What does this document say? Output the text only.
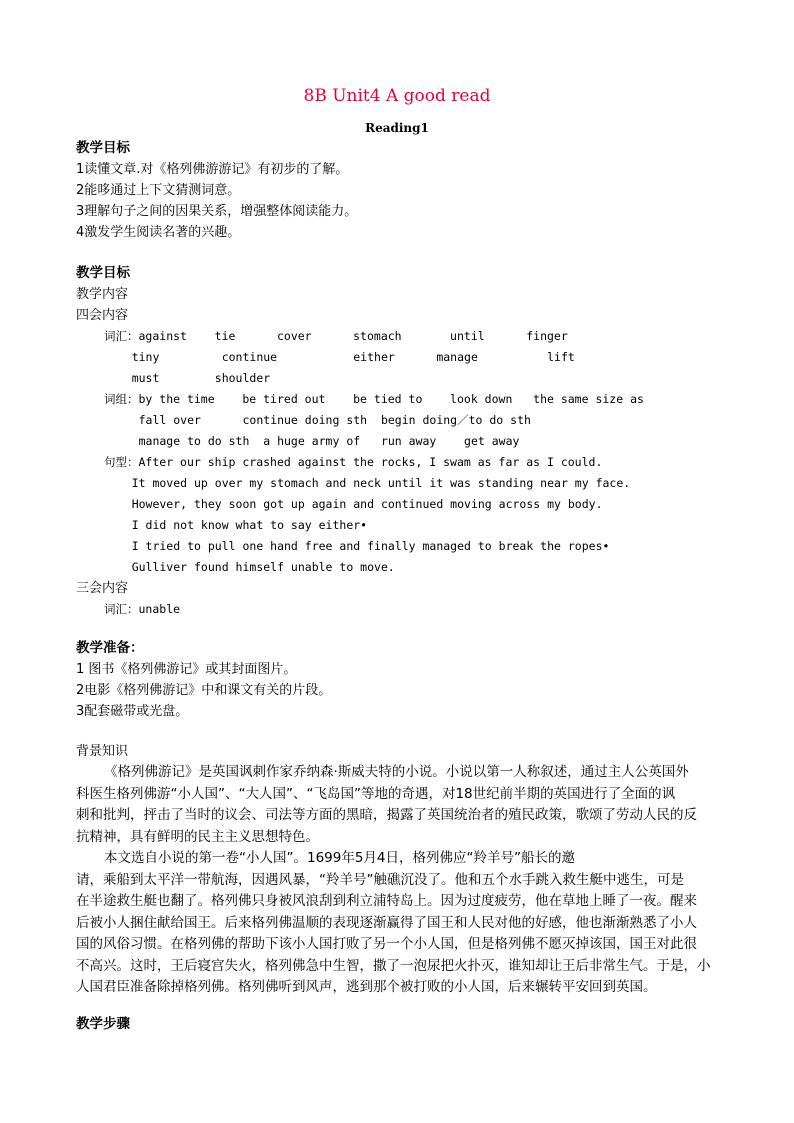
8B Unit4 A good read
Reading1

教学目标

1读懂文章.对《格列佛游游记》有初步的了解。

2能哆通过上下文猜测词意。

3理解句子之间的因果关系，增强整体阅读能力。

4激发学生阅读名著的兴趣。

教学目标

教学内容

四会内容

词汇：against    tie      cover      stomach       until      finger

tiny         continue           either      manage          lift

must        shoulder

词组：by the time    be tired out    be tied to    look down   the same size as

fall over      continue doing sth  begin doing／to do sth

manage to do sth  a huge army of   run away    get away

句型：After our ship crashed against the rocks, I swam as far as I could.

It moved up over my stomach and neck until it was standing near my face.

However, they soon got up again and continued moving across my body.

I did not know what to say either•

I tried to pull one hand free and finally managed to break the ropes•

Gulliver found himself unable to move.

三会内容

词汇：unable

教学准备：

1 图书《格列佛游记》或其封面图片。

2电影《格列佛游记》中和课文有关的片段。

3配套磁带或光盘。

背景知识

《格列佛游记》是英国讽刺作家乔纳森·斯威夫特的小说。小说以第一人称叙述，通过主人公英国外

科医生格列佛游“小人国”、“大人国”、“飞岛国”等地的奇遇，对18世纪前半期的英国进行了全面的讽

刺和批判，抨击了当时的议会、司法等方面的黑暗，揭露了英国统治者的殖民政策，歌颂了劳动人民的反

抗精神，具有鲜明的民主主义思想特色。

本文选自小说的第一卷“小人国”。1699年5月4日，格列佛应“羚羊号”船长的邀

请，乘船到太平洋一带航海，因遇风暴，“羚羊号”触礁沉没了。他和五个水手跳入救生艇中逃生，可是

在半途救生艇也翻了。格列佛只身被风浪刮到利立浦特岛上。因为过度疲劳，他在草地上睡了一夜。醒来

后被小人捆住献给国王。后来格列佛温顺的表现逐渐赢得了国王和人民对他的好感，他也渐渐熟悉了小人

国的风俗习惯。在格列佛的帮助下该小人国打败了另一个小人国，但是格列佛不愿灭掉该国，国王对此很

不高兴。这时，王后寝宫失火，格列佛急中生智，撒了一泡尿把火扑灭，谁知却让王后非常生气。于是，小

人国君臣准备除掉格列佛。格列佛听到风声，逃到那个被打败的小人国，后来辗转平安回到英国。

教学步骤
